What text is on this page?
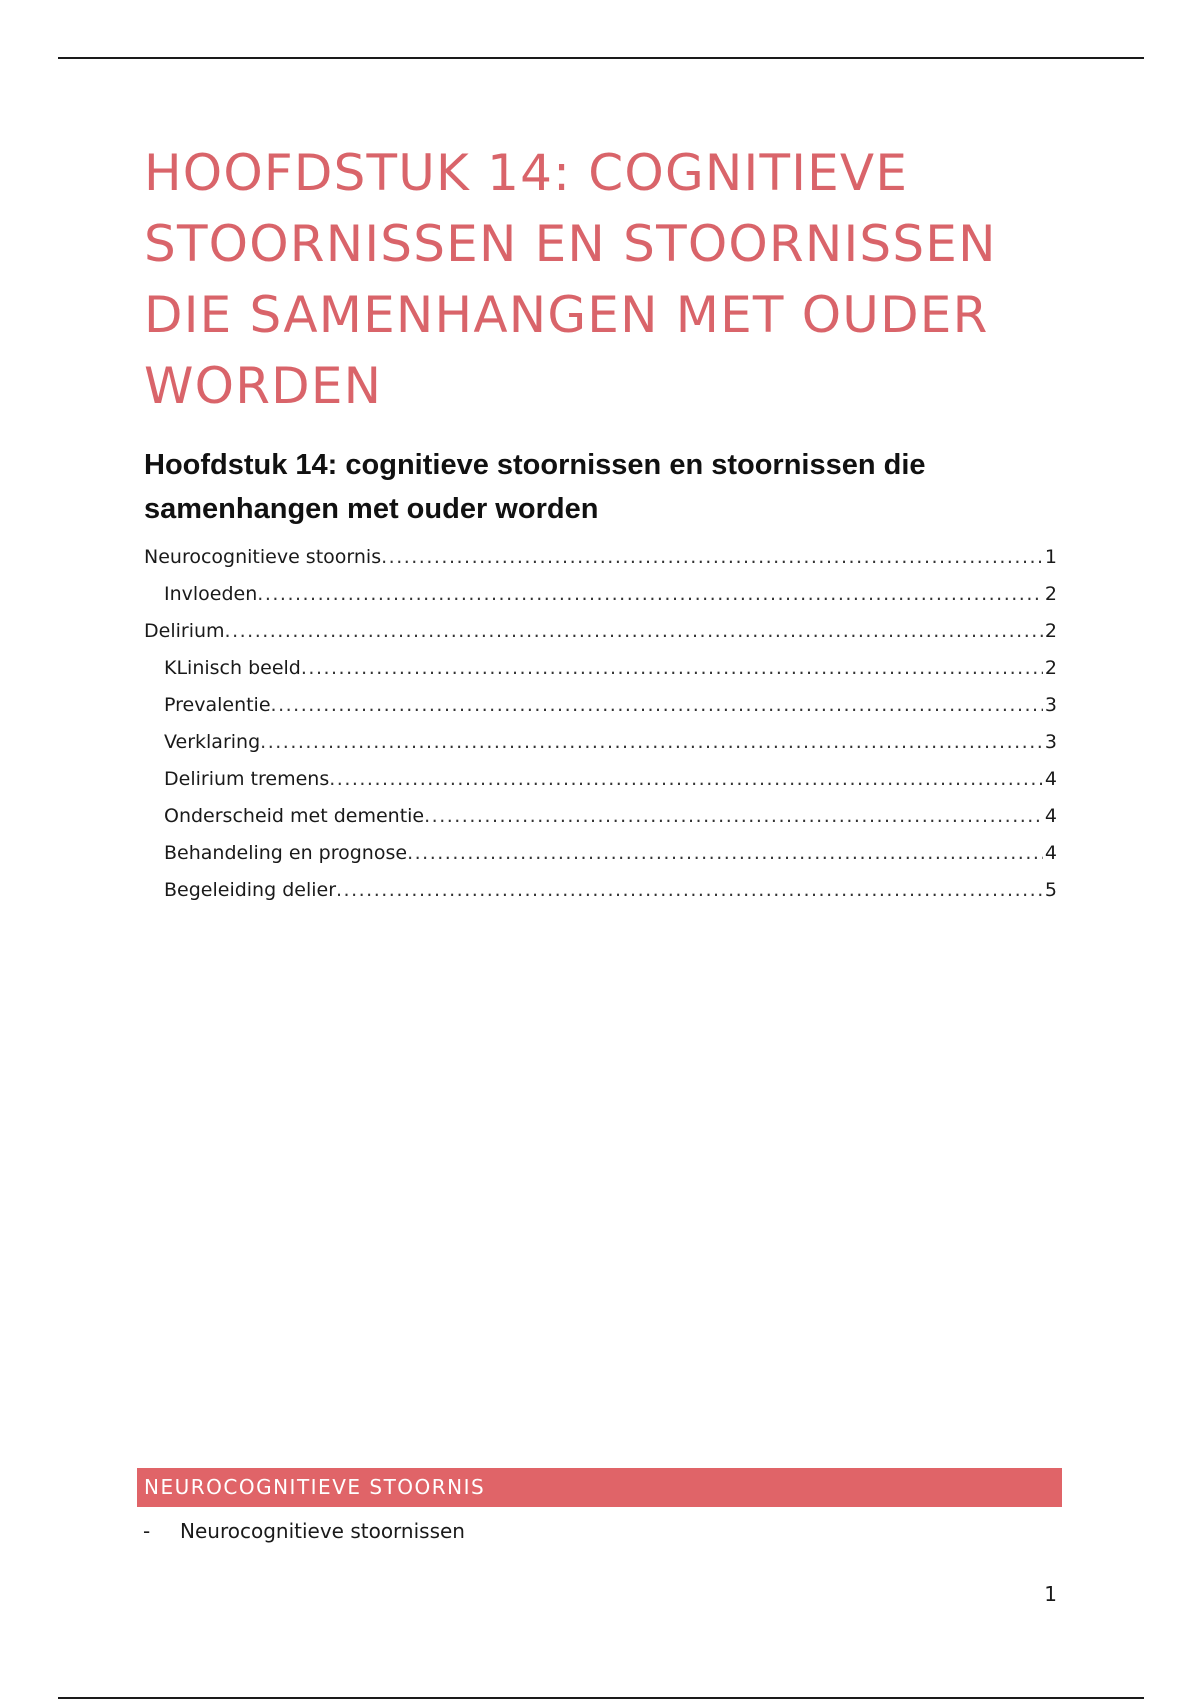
HOOFDSTUK 14: COGNITIEVE STOORNISSEN EN STOORNISSEN DIE SAMENHANGEN MET OUDER WORDEN
Hoofdstuk 14: cognitieve stoornissen en stoornissen die samenhangen met ouder worden
Neurocognitieve stoornis .....	1
Invloeden .....	2
Delirium .....	2
KLinisch beeld .....	2
Prevalentie .....	3
Verklaring .....	3
Delirium tremens .....	4
Onderscheid met dementie .....	4
Behandeling en prognose .....	4
Begeleiding delier .....	5
NEUROCOGNITIEVE STOORNIS
- Neurocognitieve stoornissen
1
